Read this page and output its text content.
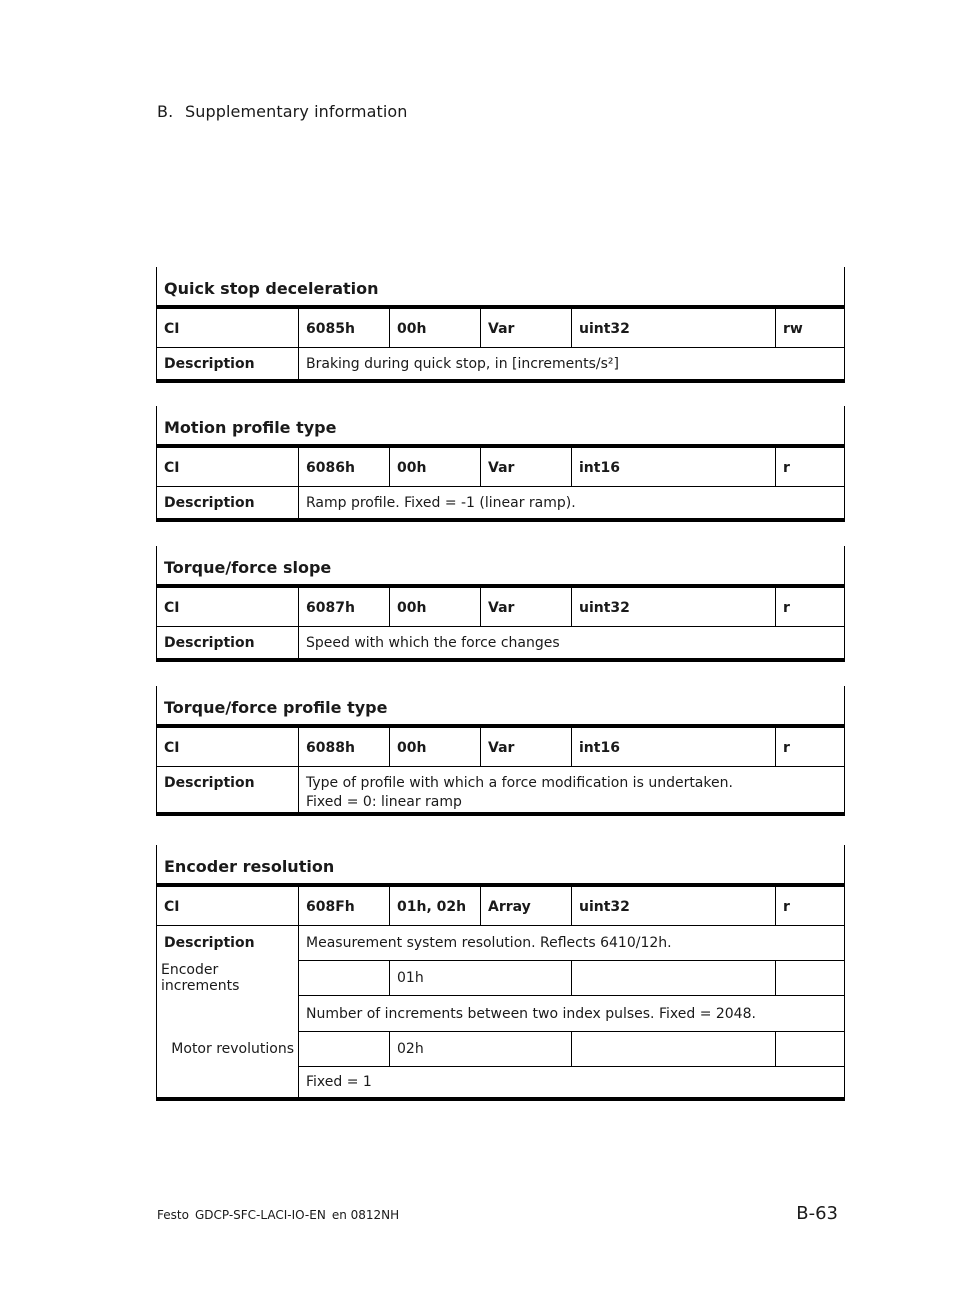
B. Supplementary information
Quick stop deceleration					
CI	6085h	00h	Var	uint32	rw
Description	Braking during quick stop, in [increments/s²]				
Motion profile type					
CI	6086h	00h	Var	int16	r
Description	Ramp profile. Fixed = -1 (linear ramp).				
Torque/force slope					
CI	6087h	00h	Var	uint32	r
Description	Speed with which the force changes				
Torque/force profile type					
CI	6088h	00h	Var	int16	r
Description	Type of profile with which a force modification is undertaken.
Fixed = 0: linear ramp				
Encoder resolution					
CI	608Fh	01h, 02h	Array	uint32	r
Description	Measurement system resolution. Reflects 6410/12h.				
Encoder increments		01h			
	Number of increments between two index pulses. Fixed = 2048.				
Motor revolutions		02h			
	Fixed = 1				
Festo GDCP-SFC-LACI-IO-EN en 0812NH	B-63
